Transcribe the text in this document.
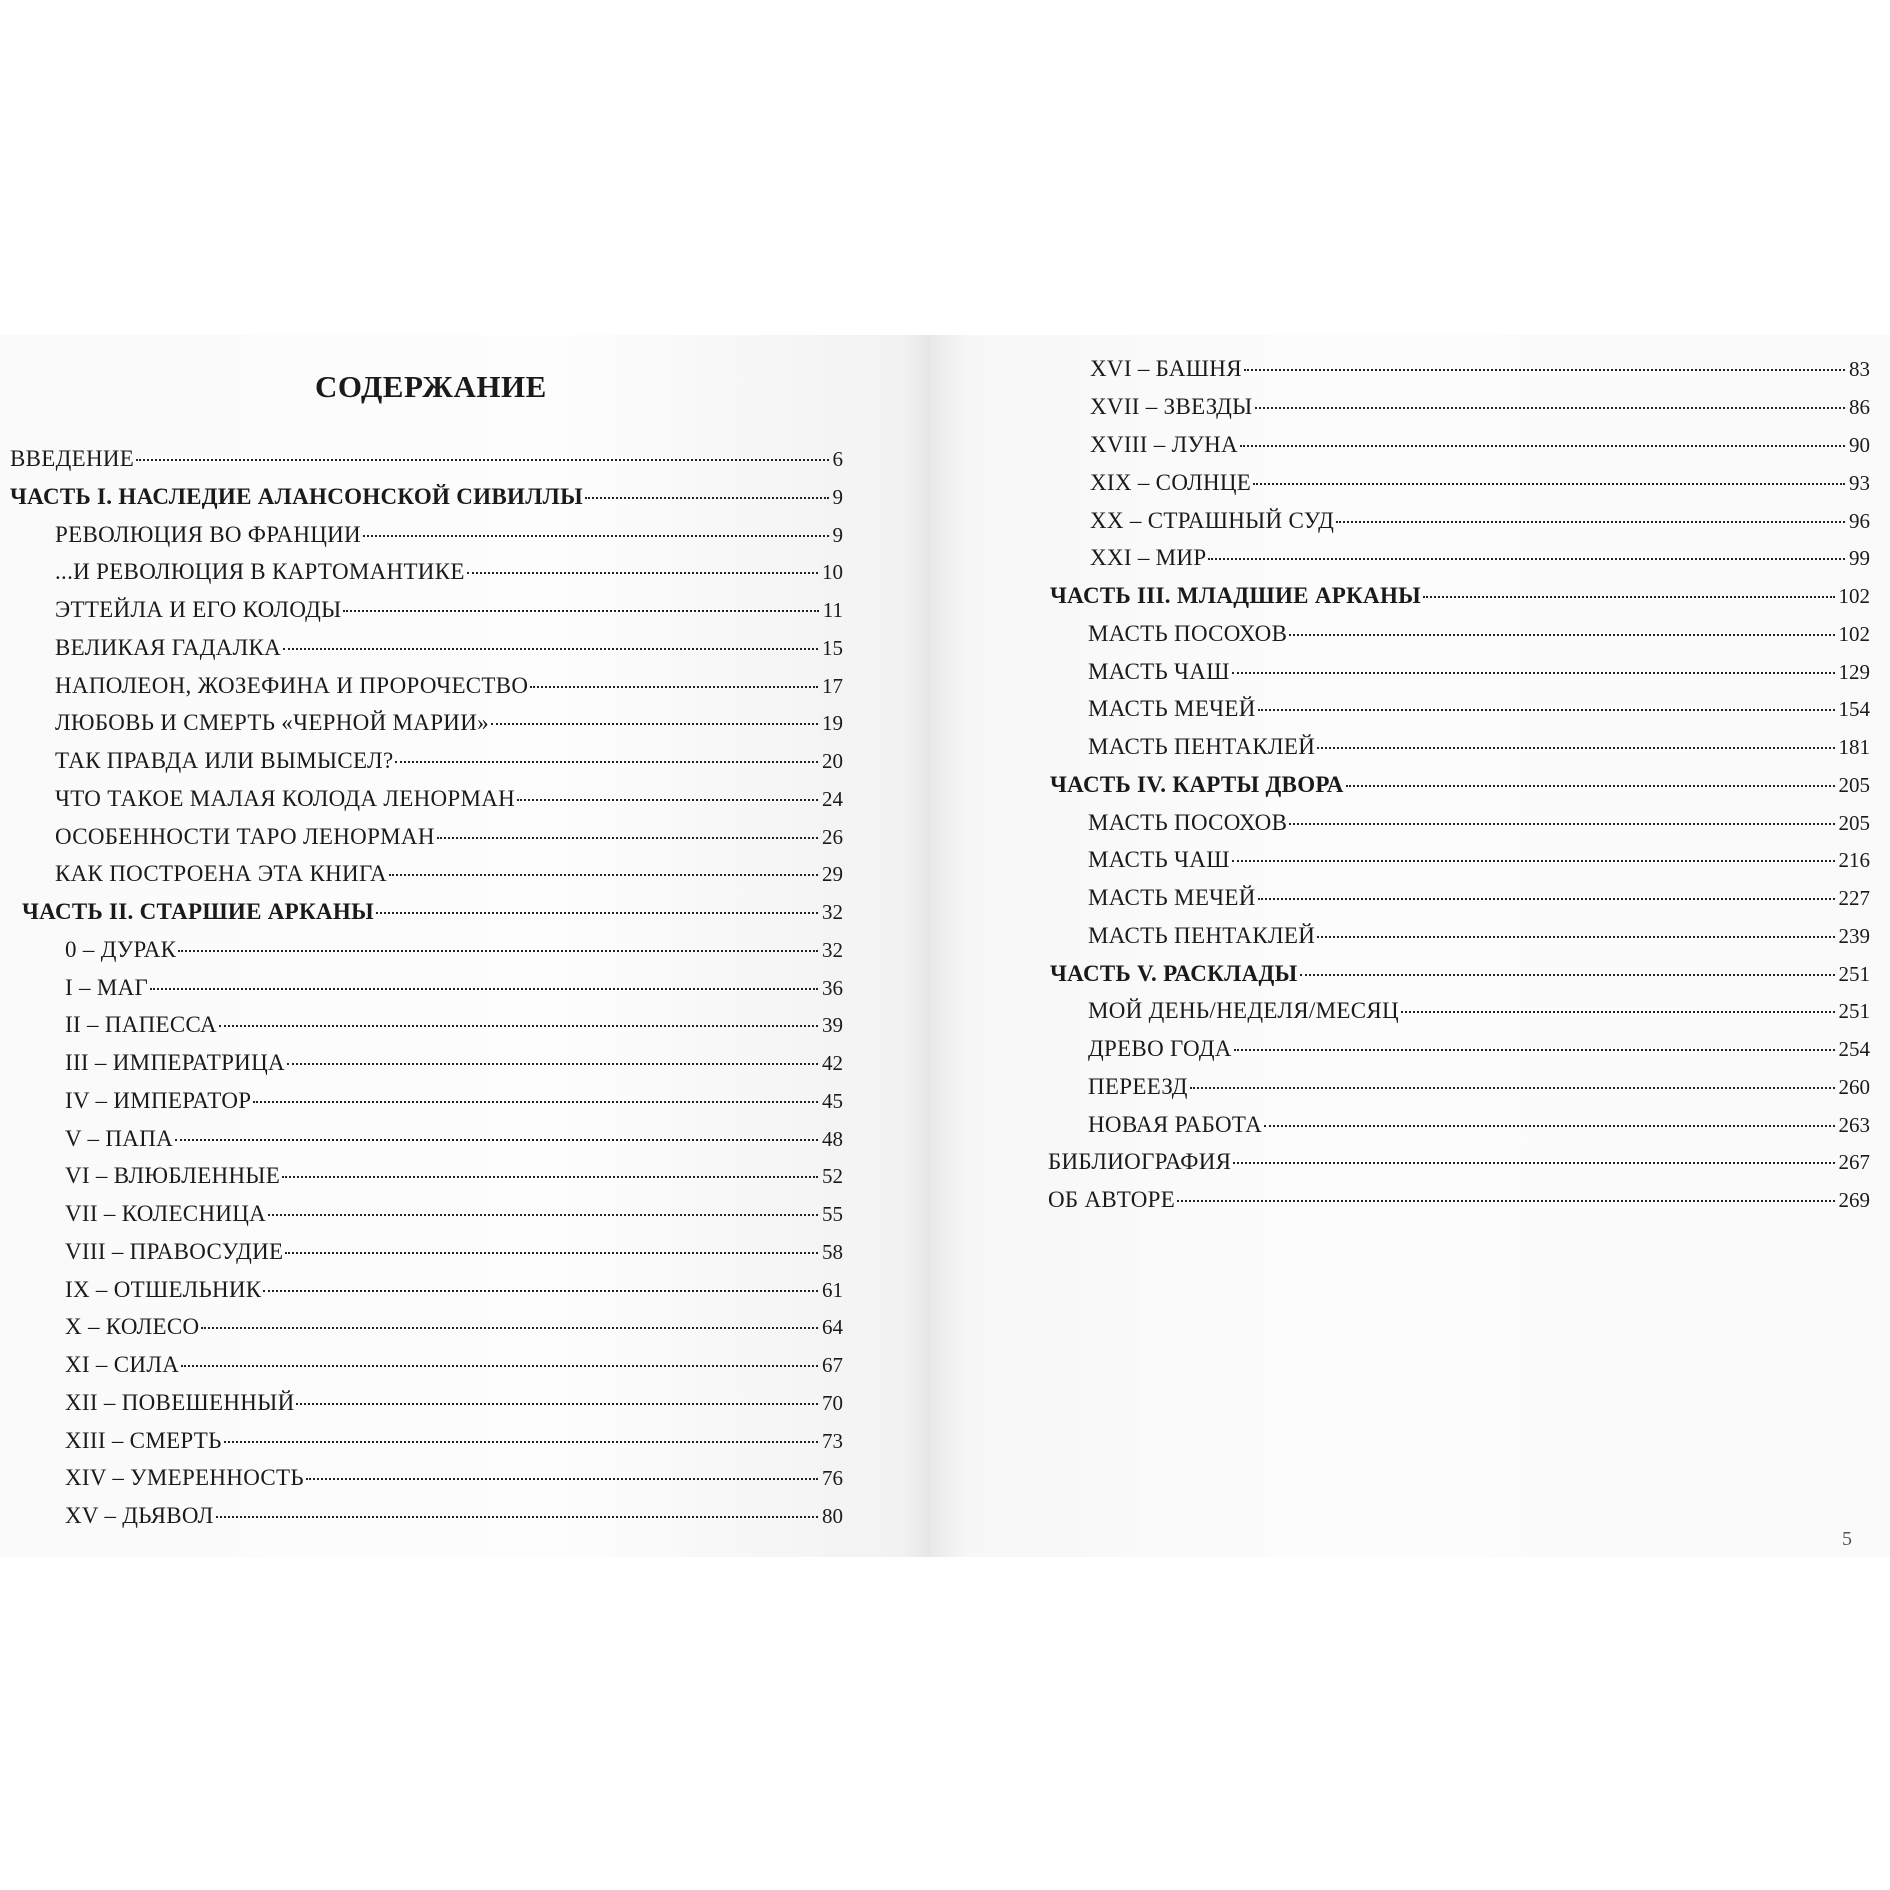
СОДЕРЖАНИЕ
ВВЕДЕНИЕ	6
ЧАСТЬ I. НАСЛЕДИЕ АЛАНСОНСКОЙ СИВИЛЛЫ	9
РЕВОЛЮЦИЯ ВО ФРАНЦИИ	9
...И РЕВОЛЮЦИЯ В КАРТОМАНТИКЕ	10
ЭТТЕЙЛА И ЕГО КОЛОДЫ	11
ВЕЛИКАЯ ГАДАЛКА	15
НАПОЛЕОН, ЖОЗЕФИНА И ПРОРОЧЕСТВО	17
ЛЮБОВЬ И СМЕРТЬ «ЧЕРНОЙ МАРИИ»	19
ТАК ПРАВДА ИЛИ ВЫМЫСЕЛ?	20
ЧТО ТАКОЕ МАЛАЯ КОЛОДА ЛЕНОРМАН	24
ОСОБЕННОСТИ ТАРО ЛЕНОРМАН	26
КАК ПОСТРОЕНА ЭТА КНИГА	29
ЧАСТЬ II. СТАРШИЕ АРКАНЫ	32
0 – ДУРАК	32
I – МАГ	36
II – ПАПЕССА	39
III – ИМПЕРАТРИЦА	42
IV – ИМПЕРАТОР	45
V – ПАПА	48
VI – ВЛЮБЛЕННЫЕ	52
VII – КОЛЕСНИЦА	55
VIII – ПРАВОСУДИЕ	58
IX – ОТШЕЛЬНИК	61
X – КОЛЕСО	64
XI – СИЛА	67
XII – ПОВЕШЕННЫЙ	70
XIII – СМЕРТЬ	73
XIV – УМЕРЕННОСТЬ	76
XV – ДЬЯВОЛ	80
XVI – БАШНЯ	83
XVII – ЗВЕЗДЫ	86
XVIII – ЛУНА	90
XIX – СОЛНЦЕ	93
XX – СТРАШНЫЙ СУД	96
XXI – МИР	99
ЧАСТЬ III. МЛАДШИЕ АРКАНЫ	102
МАСТЬ ПОСОХОВ	102
МАСТЬ ЧАШ	129
МАСТЬ МЕЧЕЙ	154
МАСТЬ ПЕНТАКЛЕЙ	181
ЧАСТЬ IV. КАРТЫ ДВОРА	205
МАСТЬ ПОСОХОВ	205
МАСТЬ ЧАШ	216
МАСТЬ МЕЧЕЙ	227
МАСТЬ ПЕНТАКЛЕЙ	239
ЧАСТЬ V. РАСКЛАДЫ	251
МОЙ ДЕНЬ/НЕДЕЛЯ/МЕСЯЦ	251
ДРЕВО ГОДА	254
ПЕРЕЕЗД	260
НОВАЯ РАБОТА	263
БИБЛИОГРАФИЯ	267
ОБ АВТОРЕ	269
5
